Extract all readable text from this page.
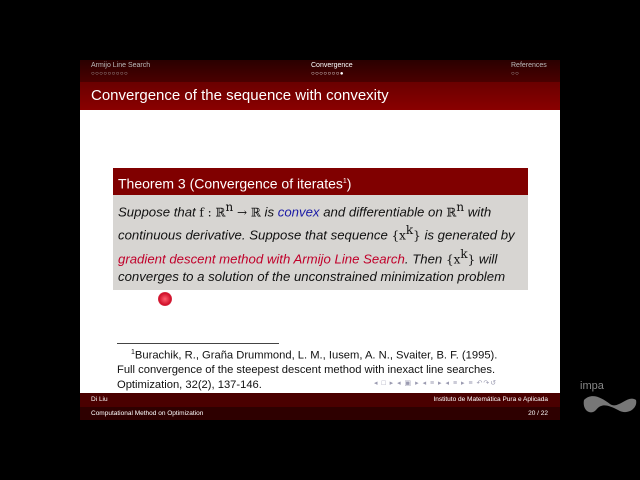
Armijo Line Search
○○○○○○○○○
Convergence
○○○○○○○●
References
○○
Convergence of the sequence with convexity
Theorem 3 (Convergence of iterates$^1$)
Suppose that f : ℝ$^n$ → ℝ is convex and differentiable on ℝ$^n$ with continuous derivative. Suppose that sequence $\{x^k\}$ is generated by gradient descent method with Armijo Line Search. Then $\{x^k\}$ will converges to a solution of the unconstrained minimization problem
$^1$Burachik, R., Graña Drummond, L. M., Iusem, A. N., Svaiter, B. F. (1995).
Full convergence of the steepest descent method with inexact line searches.
Optimization, 32(2), 137-146.	◂ □ ▸ ◂ ▣ ▸ ◂ ≡ ▸ ◂ ≡ ▸ ≡ ↶↷↺
Di Liu	Instituto de Matemática Pura e Aplicada
Computational Method on Optimization	20 / 22
impa
